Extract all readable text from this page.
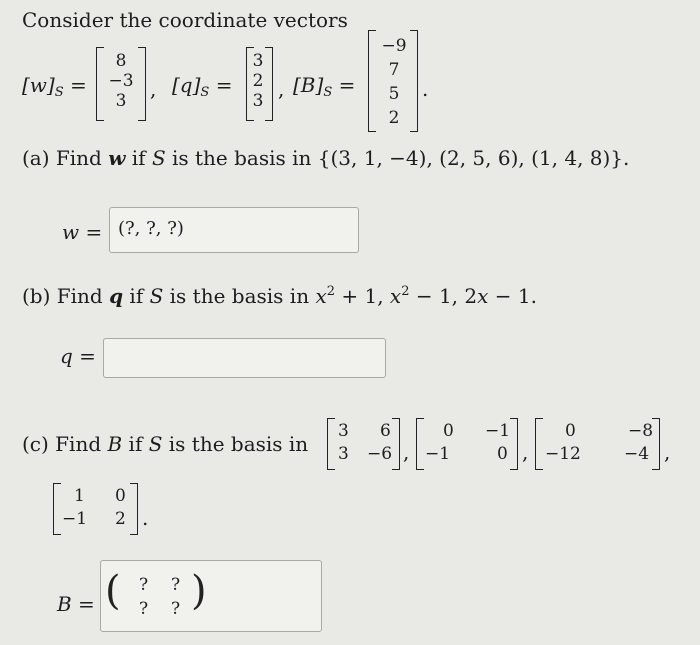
Consider the coordinate vectors
$[w]_S$ =
8
−3
3 , $[q]_S$ =
3
2
3 , $[B]_S$ =
−9
7
5
2
.
(a) Find w if S is the basis in {(3, 1, −4), (2, 5, 6), (1, 4, 8)}.
w = (?, ?, ?)
(b) Find q if S is the basis in $x^2 + 1$, $x^2 - 1$, 2x − 1.
q =
(c) Find B if S is the basis in
3 6
3 −6 ,
0 −1
−1	0 ,
0	−8
−12	−4 ,
1 0
−1 2 .
B = ( ? ?
? ? )
